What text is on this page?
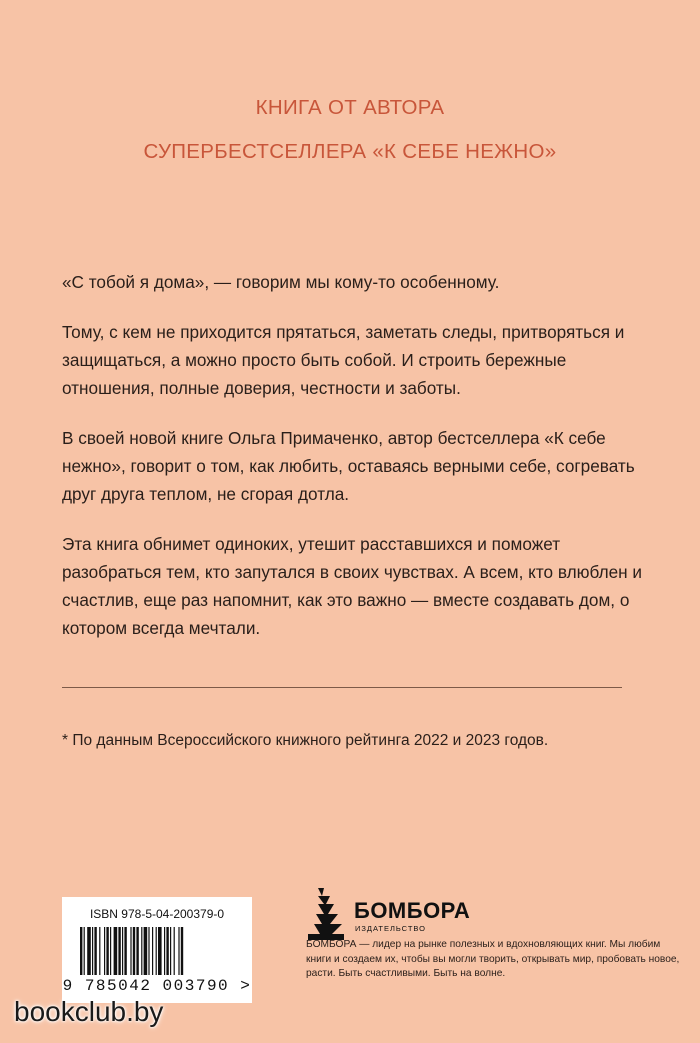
КНИГА ОТ АВТОРА
СУПЕРБЕСТСЕЛЛЕРА «К СЕБЕ НЕЖНО»

«С тобой я дома», — говорим мы кому-то особенному.

Тому, с кем не приходится прятаться, заметать следы, притворяться и защищаться, а можно просто быть собой. И строить бережные отношения, полные доверия, честности и заботы.

В своей новой книге Ольга Примаченко, автор бестселлера «К себе нежно», говорит о том, как любить, оставаясь верными себе, согревать друг друга теплом, не сгорая дотла.

Эта книга обнимет одиноких, утешит расставшихся и поможет разобраться тем, кто запутался в своих чувствах. А всем, кто влюблен и счастлив, еще раз напомнит, как это важно — вместе создавать дом, о котором всегда мечтали.

* По данным Всероссийского книжного рейтинга 2022 и 2023 годов.
ISBN 978-5-04-200379-0
9 785042 003790 >
БОМБОРА
ИЗДАТЕЛЬСТВО
БОМБОРА — лидер на рынке полезных и вдохновляющих книг. Мы любим книги и создаем их, чтобы вы могли творить, открывать мир, пробовать новое, расти. Быть счастливыми. Быть на волне.
bookclub.by
